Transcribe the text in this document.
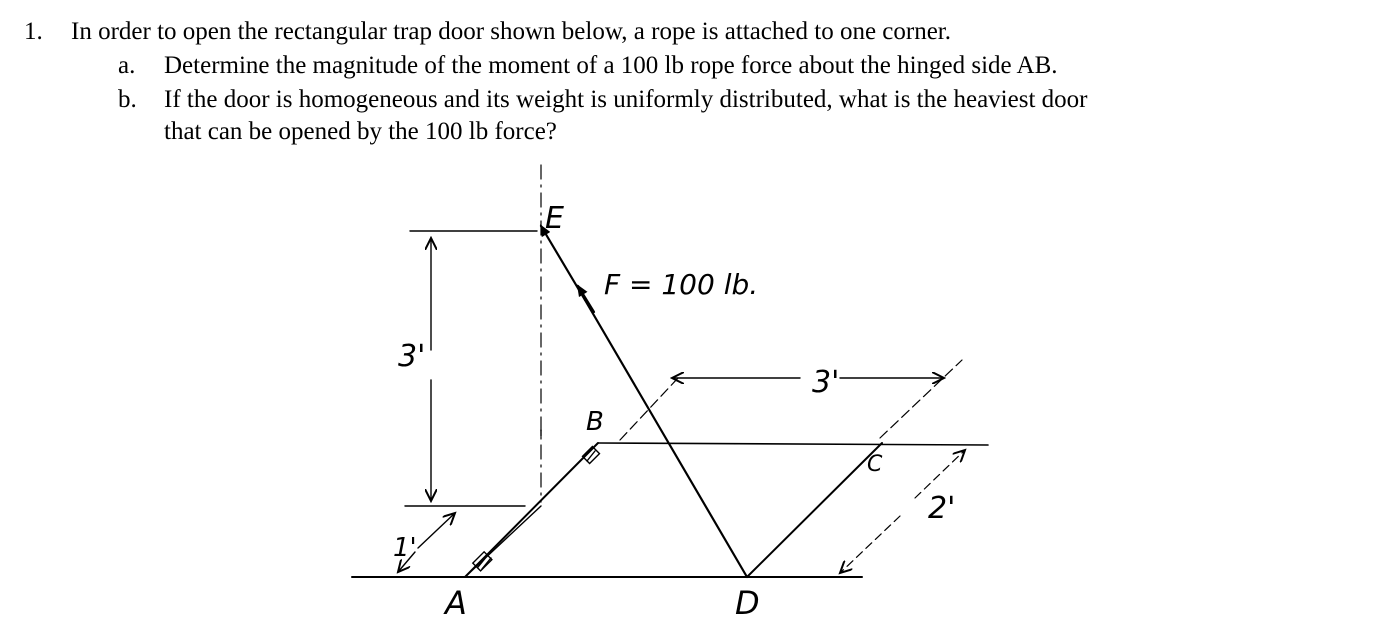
1. In order to open the rectangular trap door shown below, a rope is attached to one corner.
a. Determine the magnitude of the moment of a 100 lb rope force about the hinged side AB.
b. If the door is homogeneous and its weight is uniformly distributed, what is the heaviest door
that can be opened by the 100 lb force?
E
F = 100 lb.
3'
3'
B
C
2'
1'
A	D
